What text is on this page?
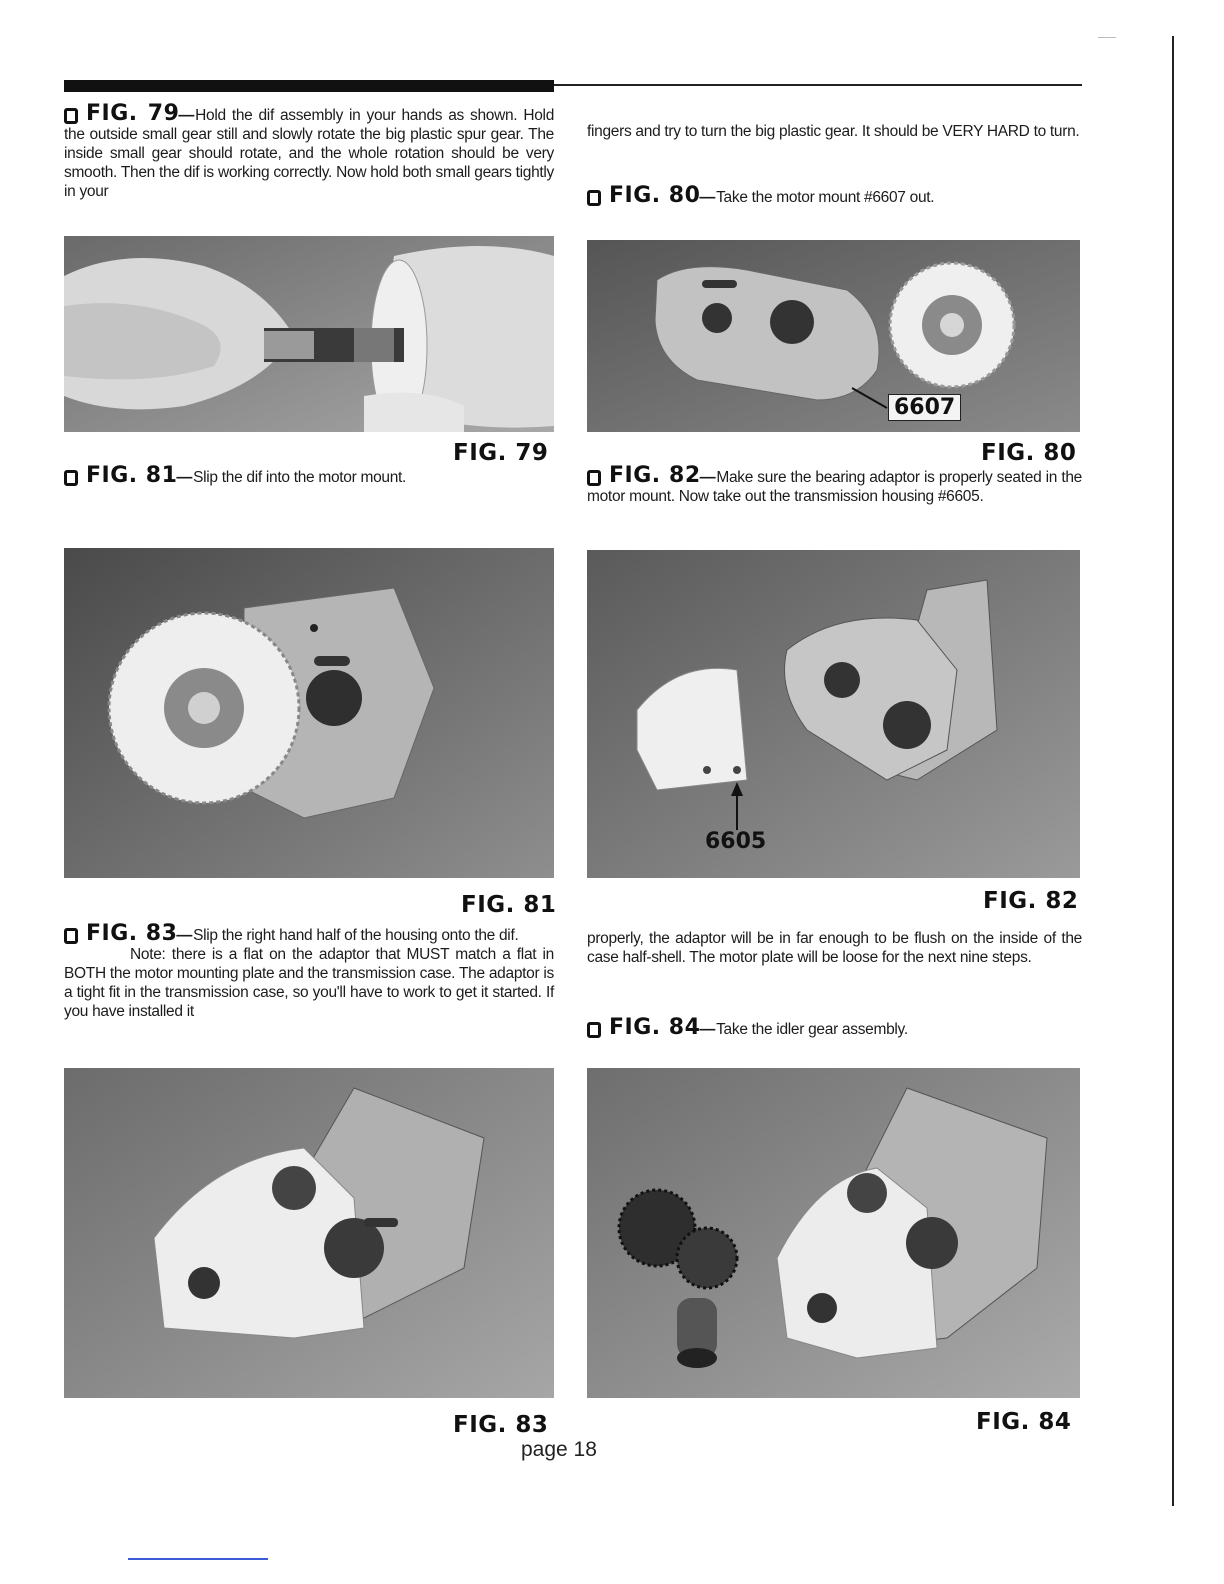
FIG. 79—Hold the dif assembly in your hands as shown. Hold the outside small gear still and slowly rotate the big plastic spur gear. The inside small gear should rotate, and the whole rotation should be very smooth. Then the dif is working correctly. Now hold both small gears tightly in your

FIG. 79

FIG. 81—Slip the dif into the motor mount.

FIG. 81

FIG. 83—Slip the right hand half of the housing onto the dif.

Note: there is a flat on the adaptor that MUST match a flat in BOTH the motor mounting plate and the transmission case. The adaptor is a tight fit in the transmission case, so you'll have to work to get it started. If you have installed it

FIG. 83
fingers and try to turn the big plastic gear. It should be VERY HARD to turn.

FIG. 80—Take the motor mount #6607 out.

6607
FIG. 80

FIG. 82—Make sure the bearing adaptor is properly seated in the motor mount. Now take out the transmission housing #6605.

6605
FIG. 82
properly, the adaptor will be in far enough to be flush on the inside of the case half-shell. The motor plate will be loose for the next nine steps.

FIG. 84—Take the idler gear assembly.

FIG. 84
page 18
